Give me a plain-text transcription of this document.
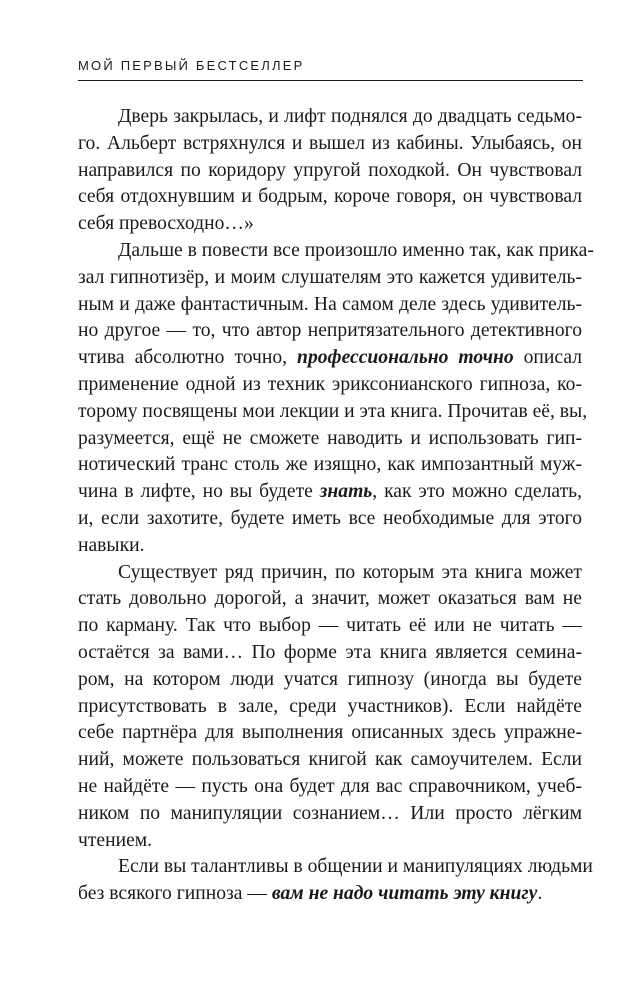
МОЙ ПЕРВЫЙ БЕСТСЕЛЛЕР

Дверь закрылась, и лифт поднялся до двадцать седьмо-
го. Альберт встряхнулся и вышел из кабины. Улыбаясь, он
направился по коридору упругой походкой. Он чувствовал
себя отдохнувшим и бодрым, короче говоря, он чувствовал
себя превосходно…»

Дальше в повести все произошло именно так, как прика-
зал гипнотизёр, и моим слушателям это кажется удивитель-
ным и даже фантастичным. На самом деле здесь удивитель-
но другое — то, что автор непритязательного детективного
чтива абсолютно точно, профессионально точно описал
применение одной из техник эриксонианского гипноза, ко-
торому посвящены мои лекции и эта книга. Прочитав её, вы,
разумеется, ещё не сможете наводить и использовать гип-
нотический транс столь же изящно, как импозантный муж-
чина в лифте, но вы будете знать, как это можно сделать,
и, если захотите, будете иметь все необходимые для этого
навыки.

Существует ряд причин, по которым эта книга может
стать довольно дорогой, а значит, может оказаться вам не
по карману. Так что выбор — читать её или не читать —
остаётся за вами… По форме эта книга является семина-
ром, на котором люди учатся гипнозу (иногда вы будете
присутствовать в зале, среди участников). Если найдёте
себе партнёра для выполнения описанных здесь упражне-
ний, можете пользоваться книгой как самоучителем. Если
не найдёте — пусть она будет для вас справочником, учеб-
ником по манипуляции сознанием… Или просто лёгким
чтением.

Если вы талантливы в общении и манипуляциях людьми
без всякого гипноза — вам не надо читать эту книгу.
